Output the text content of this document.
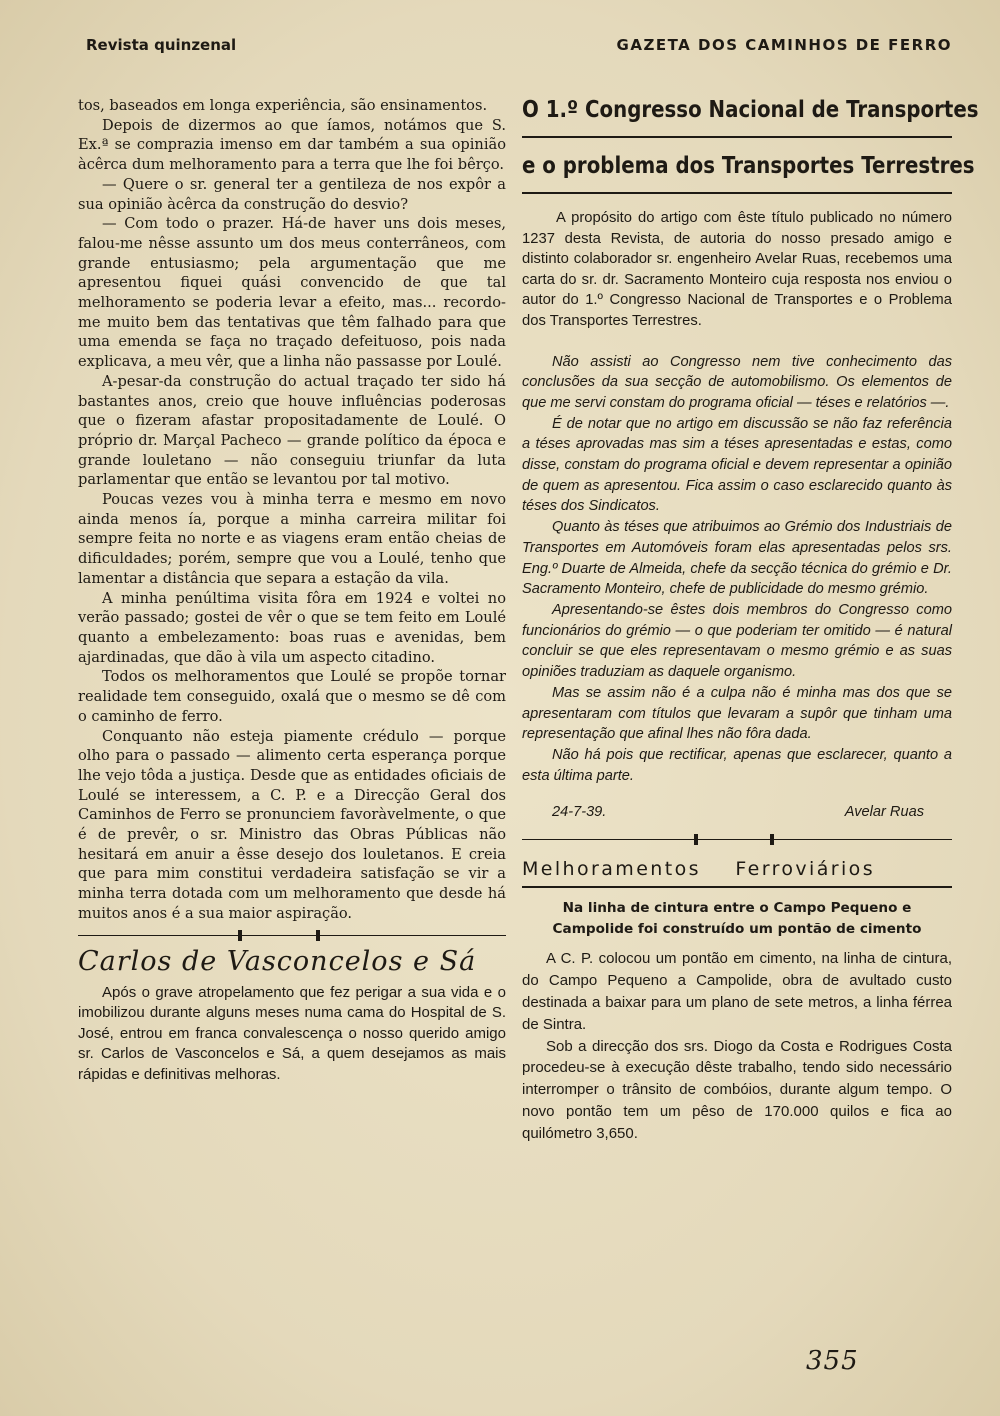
Revista quinzenal	GAZETA DOS CAMINHOS DE FERRO

tos, baseados em longa experiência, são ensinamentos.

Depois de dizermos ao que íamos, notámos que S. Ex.ª se comprazia imenso em dar também a sua opinião àcêrca dum melhoramento para a terra que lhe foi bêrço.

— Quere o sr. general ter a gentileza de nos expôr a sua opinião àcêrca da construção do desvio?

— Com todo o prazer. Há-de haver uns dois meses, falou-me nêsse assunto um dos meus conterrâneos, com grande entusiasmo; pela argumentação que me apresentou fiquei quási convencido de que tal melhoramento se poderia levar a efeito, mas... recordo-me muito bem das tentativas que têm falhado para que uma emenda se faça no traçado defeituoso, pois nada explicava, a meu vêr, que a linha não passasse por Loulé.

A-pesar-da construção do actual traçado ter sido há bastantes anos, creio que houve influências poderosas que o fizeram afastar propositadamente de Loulé. O próprio dr. Marçal Pacheco — grande político da época e grande louletano — não conseguiu triunfar da luta parlamentar que então se levantou por tal motivo.

Poucas vezes vou à minha terra e mesmo em novo ainda menos ía, porque a minha carreira militar foi sempre feita no norte e as viagens eram então cheias de dificuldades; porém, sempre que vou a Loulé, tenho que lamentar a distância que separa a estação da vila.

A minha penúltima visita fôra em 1924 e voltei no verão passado; gostei de vêr o que se tem feito em Loulé quanto a embelezamento: boas ruas e avenidas, bem ajardinadas, que dão à vila um aspecto citadino.

Todos os melhoramentos que Loulé se propõe tornar realidade tem conseguido, oxalá que o mesmo se dê com o caminho de ferro.

Conquanto não esteja piamente crédulo — porque olho para o passado — alimento certa esperança porque lhe vejo tôda a justiça. Desde que as entidades oficiais de Loulé se interessem, a C. P. e a Direcção Geral dos Caminhos de Ferro se pronunciem favoràvelmente, o que é de prevêr, o sr. Ministro das Obras Públicas não hesitará em anuir a êsse desejo dos louletanos. E creia que para mim constitui verdadeira satisfação se vir a minha terra dotada com um melhoramento que desde há muitos anos é a sua maior aspiração.

Carlos de Vasconcelos e Sá

Após o grave atropelamento que fez perigar a sua vida e o imobilizou durante alguns meses numa cama do Hospital de S. José, entrou em franca convalescença o nosso querido amigo sr. Carlos de Vasconcelos e Sá, a quem desejamos as mais rápidas e definitivas melhoras.

O 1.º Congresso Nacional de Transportes
e o problema dos Transportes Terrestres

A propósito do artigo com êste título publicado no número 1237 desta Revista, de autoria do nosso presado amigo e distinto colaborador sr. engenheiro Avelar Ruas, recebemos uma carta do sr. dr. Sacramento Monteiro cuja resposta nos enviou o autor do 1.º Congresso Nacional de Transportes e o Problema dos Transportes Terrestres.

Não assisti ao Congresso nem tive conhecimento das conclusões da sua secção de automobilismo. Os elementos de que me servi constam do programa oficial — téses e relatórios —.

É de notar que no artigo em discussão se não faz referência a téses aprovadas mas sim a téses apresentadas e estas, como disse, constam do programa oficial e devem representar a opinião de quem as apresentou. Fica assim o caso esclarecido quanto às téses dos Sindicatos.

Quanto às téses que atribuimos ao Grémio dos Industriais de Transportes em Automóveis foram elas apresentadas pelos srs. Eng.º Duarte de Almeida, chefe da secção técnica do grémio e Dr. Sacramento Monteiro, chefe de publicidade do mesmo grémio.

Apresentando-se êstes dois membros do Congresso como funcionários do grémio — o que poderiam ter omitido — é natural concluir se que eles representavam o mesmo grémio e as suas opiniões traduziam as daquele organismo.

Mas se assim não é a culpa não é minha mas dos que se apresentaram com títulos que levaram a supôr que tinham uma representação que afinal lhes não fôra dada.

Não há pois que rectificar, apenas que esclarecer, quanto a esta última parte.

24-7-39.	Avelar Ruas
Melhoramentos Ferroviários
Na linha de cintura entre o Campo Pequeno e Campolide foi construído um pontão de cimento

A C. P. colocou um pontão em cimento, na linha de cintura, do Campo Pequeno a Campolide, obra de avultado custo destinada a baixar para um plano de sete metros, a linha férrea de Sintra.

Sob a direcção dos srs. Diogo da Costa e Rodrigues Costa procedeu-se à execução dêste trabalho, tendo sido necessário interromper o trânsito de combóios, durante algum tempo. O novo pontão tem um pêso de 170.000 quilos e fica ao quilómetro 3,650.

355
